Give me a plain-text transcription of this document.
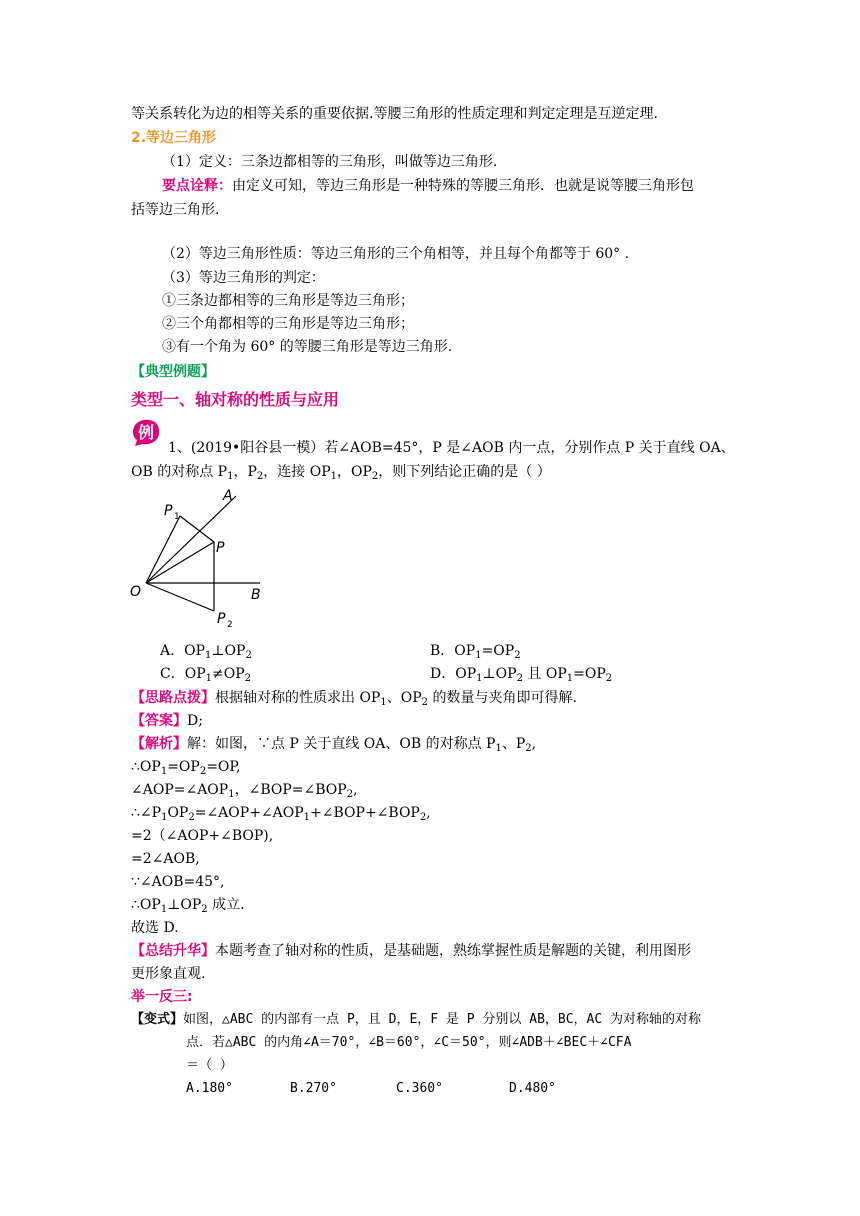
等关系转化为边的相等关系的重要依据.等腰三角形的性质定理和判定定理是互逆定理.
2.等边三角形
（1）定义：三条边都相等的三角形，叫做等边三角形.
要点诠释：由定义可知，等边三角形是一种特殊的等腰三角形．也就是说等腰三角形包
括等边三角形.
（2）等边三角形性质：等边三角形的三个角相等，并且每个角都等于 60° .
（3）等边三角形的判定：
①三条边都相等的三角形是等边三角形；
②三个角都相等的三角形是等边三角形；
③有一个角为 60° 的等腰三角形是等边三角形.
【典型例题】
类型一、轴对称的性质与应用
例
1、(2019•阳谷县一模）若∠AOB=45°，P 是∠AOB 内一点，分别作点 P 关于直线 OA、
OB 的对称点 $P_1$，$P_2$，连接 $OP_1$，$OP_2$，则下列结论正确的是（ ）
A
O	B
P
P 1
P 2
A．$OP_1\perp OP_2$	B．$OP_1=OP_2$
C．$OP_1\ne OP_2$	D．$OP_1\perp OP_2$ 且 $OP_1=OP_2$
【思路点拨】根据轴对称的性质求出 $OP_1$、$OP_2$ 的数量与夹角即可得解.
【答案】D;
【解析】解：如图，∵点 P 关于直线 OA、OB 的对称点 $P_1$、$P_2$,
$\therefore OP_1=OP_2=OP$,
$\angle AOP=\angle AOP_1$，$\angle BOP=\angle BOP_2$,
$\therefore\angle P_1OP_2=\angle AOP+\angle AOP_1+\angle BOP+\angle BOP_2$,
=2（∠AOP+∠BOP),
=2∠AOB,
∵∠AOB=45°,
$\therefore OP_1\perp OP_2$ 成立.
故选 D.
【总结升华】本题考查了轴对称的性质，是基础题，熟练掌握性质是解题的关键，利用图形
更形象直观.
举一反三:
【变式】如图，△ABC 的内部有一点 P，且 D，E，F 是 P 分别以 AB，BC，AC 为对称轴的对称
点．若△ABC 的内角∠A＝70°，∠B＝60°，∠C＝50°，则∠ADB＋∠BEC＋∠CFA
＝（ ）
A.180°	B.270°	C.360°	D.480°
